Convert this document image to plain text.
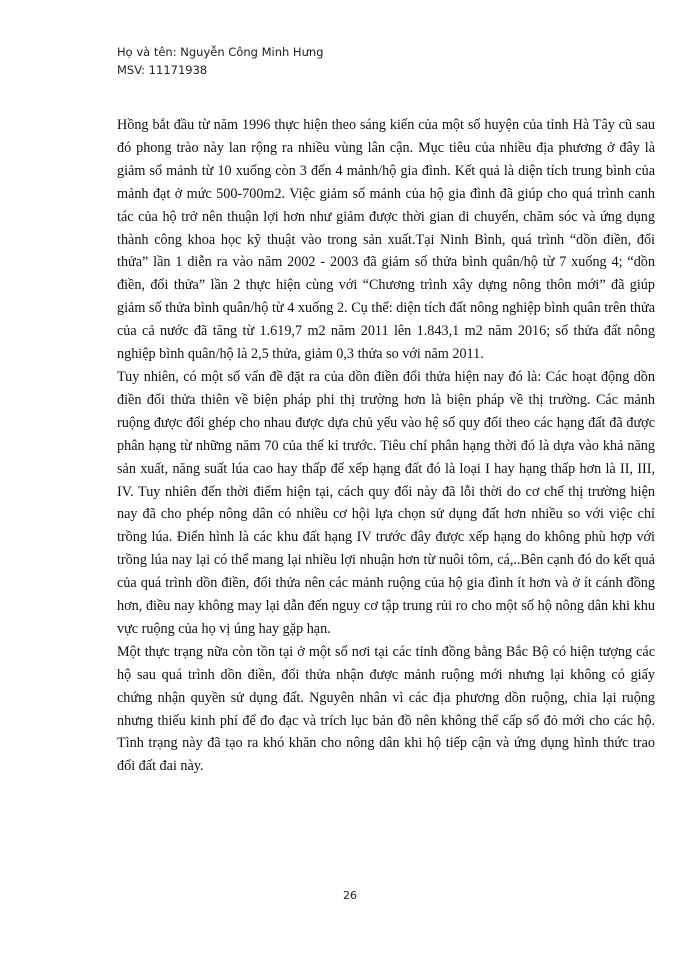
Họ và tên: Nguyễn Công Minh Hưng
MSV: 11171938

Hồng bắt đầu từ năm 1996 thực hiện theo sáng kiến của một số huyện của tỉnh Hà Tây cũ sau đó phong trào này lan rộng ra nhiều vùng lân cận. Mục tiêu của nhiều địa phương ở đây là giảm số mảnh từ 10 xuống còn 3 đến 4 mảnh/hộ gia đình. Kết quả là diện tích trung bình của mảnh đạt ở mức 500-700m2. Việc giảm số mảnh của hộ gia đình đã giúp cho quá trình canh tác của hộ trở nên thuận lợi hơn như giảm được thời gian di chuyển, chăm sóc và ứng dụng thành công khoa học kỹ thuật vào trong sản xuất.Tại Ninh Bình, quá trình “dồn điền, đổi thửa” lần 1 diễn ra vào năm 2002 - 2003 đã giảm số thửa bình quân/hộ từ 7 xuống 4; “dồn điền, đổi thửa” lần 2 thực hiện cùng với “Chương trình xây dựng nông thôn mới” đã giúp giảm số thửa bình quân/hộ từ 4 xuống 2. Cụ thể: diện tích đất nông nghiệp bình quân trên thửa của cả nước đã tăng từ 1.619,7 m2 năm 2011 lên 1.843,1 m2 năm 2016; số thửa đất nông nghiệp bình quân/hộ là 2,5 thửa, giảm 0,3 thửa so với năm 2011.

Tuy nhiên, có một số vấn đề đặt ra của dồn điền đổi thửa hiện nay đó là: Các hoạt động dồn điền đổi thửa thiên về biện pháp phi thị trường hơn là biện pháp về thị trường. Các mảnh ruộng được đổi ghép cho nhau được dựa chủ yếu vào hệ số quy đổi theo các hạng đất đã được phân hạng từ những năm 70 của thế kỉ trước. Tiêu chí phân hạng thời đó là dựa vào khả năng sản xuất, năng suất lúa cao hay thấp để xếp hạng đất đó là loại I hay hạng thấp hơn là II, III, IV. Tuy nhiên đến thời điểm hiện tại, cách quy đổi này đã lỗi thời do cơ chế thị trường hiện nay đã cho phép nông dân có nhiều cơ hội lựa chọn sử dụng đất hơn nhiều so với việc chỉ trồng lúa. Điển hình là các khu đất hạng IV trước đây được xếp hạng do không phù hợp với trồng lúa nay lại có thể mang lại nhiều lợi nhuận hơn từ nuôi tôm, cá,..Bên cạnh đó do kết quả của quá trình dồn điền, đổi thửa nên các mảnh ruộng của hộ gia đình ít hơn và ở ít cánh đồng hơn, điều nay không may lại dẫn đến nguy cơ tập trung rủi ro cho một số hộ nông dân khi khu vực ruộng của họ vị úng hay gặp hạn.

Một thực trạng nữa còn tồn tại ở một số nơi tại các tỉnh đồng bằng Bắc Bộ có hiện tượng các hộ sau quá trình dồn điền, đổi thửa nhận được mảnh ruộng mới nhưng lại không có giấy chứng nhận quyền sử dụng đất. Nguyên nhân vì các địa phương dồn ruộng, chia lại ruộng nhưng thiếu kinh phí để đo đạc và trích lục bản đồ nên không thể cấp sổ đỏ mới cho các hộ. Tình trạng này đã tạo ra khó khăn cho nông dân khi hộ tiếp cận và ứng dụng hình thức trao đổi đất đai này.

26
